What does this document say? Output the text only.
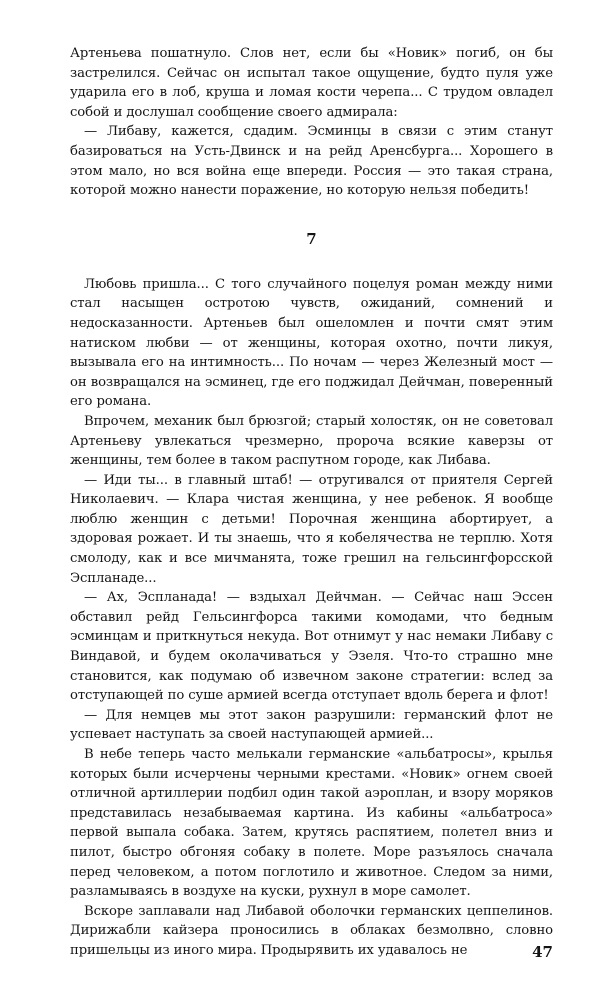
Артеньева пошатнуло. Слов нет, если бы «Новик» погиб, он бы застрелился. Сейчас он испытал такое ощущение, будто пуля уже ударила его в лоб, круша и ломая кости черепа... С трудом овладел собой и дослушал сообщение своего адмирала:

— Либаву, кажется, сдадим. Эсминцы в связи с этим станут базироваться на Усть-Двинск и на рейд Аренсбурга... Хорошего в этом мало, но вся война еще впереди. Россия — это такая страна, которой можно нанести поражение, но которую нельзя победить!

7

Любовь пришла... С того случайного поцелуя роман между ними стал насыщен остротою чувств, ожиданий, сомнений и недосказанности. Артеньев был ошеломлен и почти смят этим натиском любви — от женщины, которая охотно, почти ликуя, вызывала его на интимность... По ночам — через Железный мост — он возвращался на эсминец, где его поджидал Дейчман, поверенный его романа.

Впрочем, механик был брюзгой; старый холостяк, он не советовал Артеньеву увлекаться чрезмерно, пророча всякие каверзы от женщины, тем более в таком распутном городе, как Либава.

— Иди ты... в главный штаб! — отругивался от приятеля Сергей Николаевич. — Клара чистая женщина, у нее ребенок. Я вообще люблю женщин с детьми! Порочная женщина абортирует, а здоровая рожает. И ты знаешь, что я кобелячества не терплю. Хотя смолоду, как и все мичманята, тоже грешил на гельсингфорсской Эспланаде...

— Ах, Эспланада! — вздыхал Дейчман. — Сейчас наш Эссен обставил рейд Гельсингфорса такими комодами, что бедным эсминцам и приткнуться некуда. Вот отнимут у нас немаки Либаву с Виндавой, и будем околачиваться у Эзеля. Что-то страшно мне становится, как подумаю об извечном законе стратегии: вслед за отступающей по суше армией всегда отступает вдоль берега и флот!

— Для немцев мы этот закон разрушили: германский флот не успевает наступать за своей наступающей армией...

В небе теперь часто мелькали германские «альбатросы», крылья которых были исчерчены черными крестами. «Новик» огнем своей отличной артиллерии подбил один такой аэроплан, и взору моряков представилась незабываемая картина. Из кабины «альбатроса» первой выпала собака. Затем, крутясь распятием, полетел вниз и пилот, быстро обгоняя собаку в полете. Море разъялось сначала перед человеком, а потом поглотило и животное. Следом за ними, разламываясь в воздухе на куски, рухнул в море самолет.

Вскоре заплавали над Либавой оболочки германских цеппелинов. Дирижабли кайзера проносились в облаках безмолвно, словно пришельцы из иного мира. Продырявить их удавалось не	47
